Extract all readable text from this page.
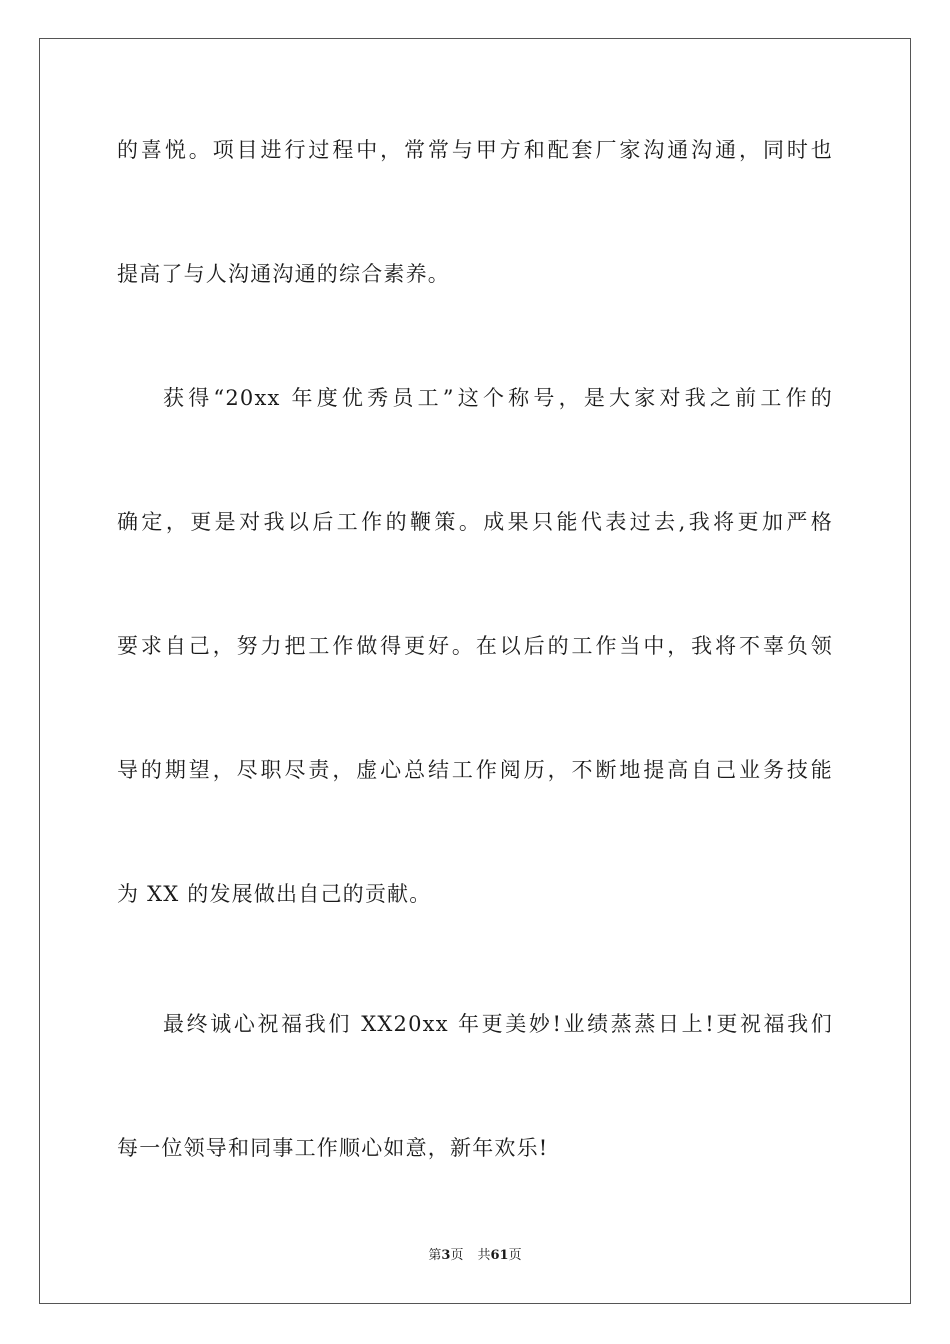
的喜悦。项目进行过程中，常常与甲方和配套厂家沟通沟通，同时也
提高了与人沟通沟通的综合素养。
获得“20xx 年度优秀员工”这个称号，是大家对我之前工作的
确定，更是对我以后工作的鞭策。成果只能代表过去,我将更加严格
要求自己，努力把工作做得更好。在以后的工作当中，我将不辜负领
导的期望，尽职尽责，虚心总结工作阅历，不断地提高自己业务技能
为 XX 的发展做出自己的贡献。
最终诚心祝福我们 XX20xx 年更美妙!业绩蒸蒸日上!更祝福我们
每一位领导和同事工作顺心如意，新年欢乐!
第3页 共61页
